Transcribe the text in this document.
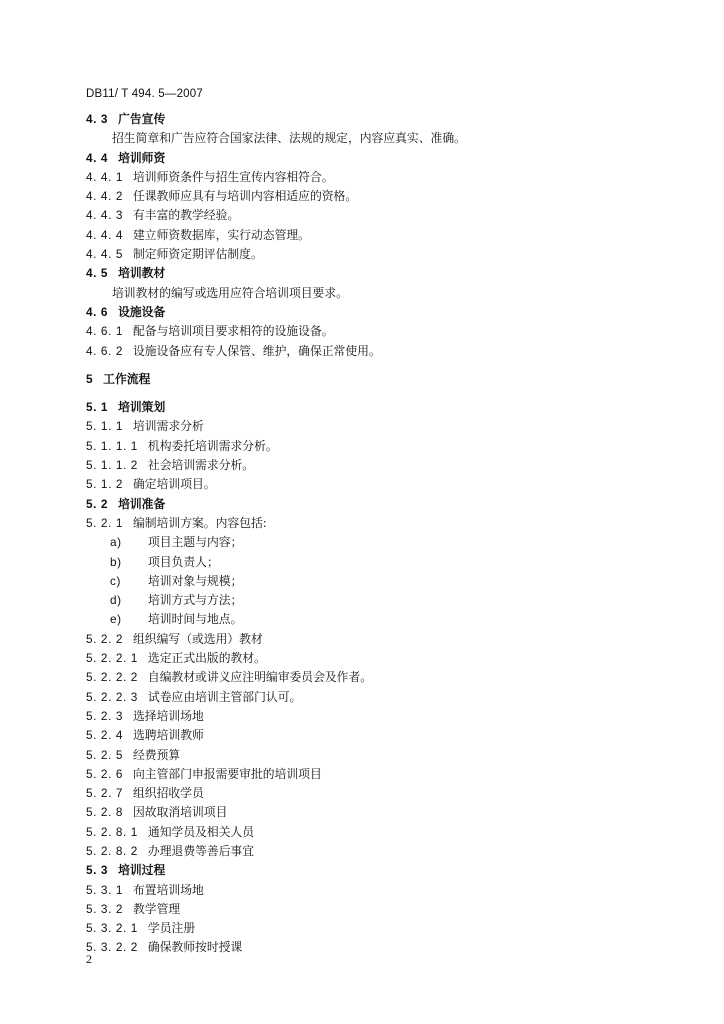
DB11/ T 494. 5—2007
4. 3 广告宣传
招生简章和广告应符合国家法律、法规的规定，内容应真实、准确。
4. 4 培训师资
4. 4. 1 培训师资条件与招生宣传内容相符合。
4. 4. 2 任课教师应具有与培训内容相适应的资格。
4. 4. 3 有丰富的教学经验。
4. 4. 4 建立师资数据库，实行动态管理。
4. 4. 5 制定师资定期评估制度。
4. 5 培训教材
培训教材的编写或选用应符合培训项目要求。
4. 6 设施设备
4. 6. 1 配备与培训项目要求相符的设施设备。
4. 6. 2 设施设备应有专人保管、维护，确保正常使用。
5 工作流程
5. 1 培训策划
5. 1. 1 培训需求分析
5. 1. 1. 1 机构委托培训需求分析。
5. 1. 1. 2 社会培训需求分析。
5. 1. 2 确定培训项目。
5. 2 培训准备
5. 2. 1 编制培训方案。内容包括:
a) 项目主题与内容；
b) 项目负责人；
c) 培训对象与规模；
d) 培训方式与方法；
e) 培训时间与地点。
5. 2. 2 组织编写（或选用）教材
5. 2. 2. 1 选定正式出版的教材。
5. 2. 2. 2 自编教材或讲义应注明编审委员会及作者。
5. 2. 2. 3 试卷应由培训主管部门认可。
5. 2. 3 选择培训场地
5. 2. 4 选聘培训教师
5. 2. 5 经费预算
5. 2. 6 向主管部门申报需要审批的培训项目
5. 2. 7 组织招收学员
5. 2. 8 因故取消培训项目
5. 2. 8. 1 通知学员及相关人员
5. 2. 8. 2 办理退费等善后事宜
5. 3 培训过程
5. 3. 1 布置培训场地
5. 3. 2 教学管理
5. 3. 2. 1 学员注册
5. 3. 2. 2 确保教师按时授课
2
